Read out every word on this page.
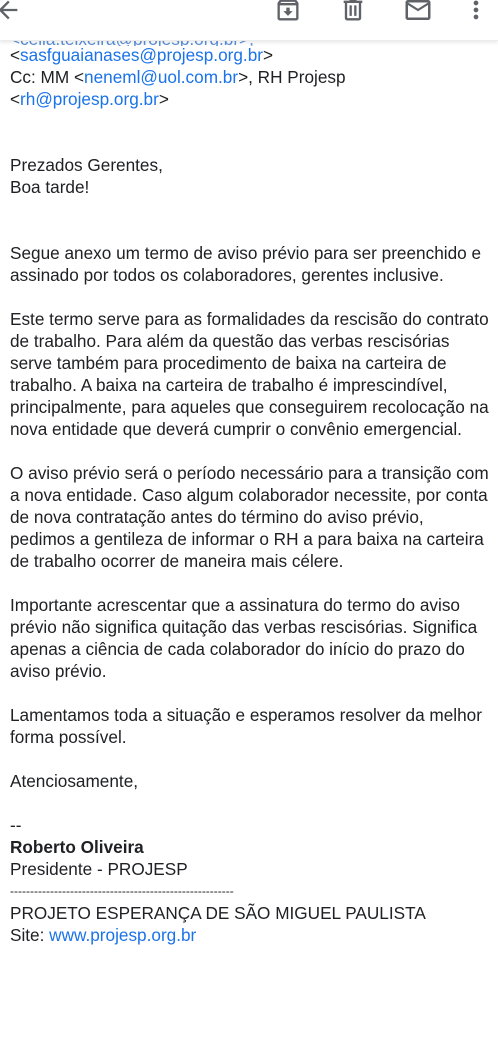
<sasfguaianases@projesp.org.br>

Cc: MM <neneml@uol.com.br>, RH Projesp

<rh@projesp.org.br>

Prezados Gerentes,

Boa tarde!

Segue anexo um termo de aviso prévio para ser preenchido e assinado por todos os colaboradores, gerentes inclusive.

Este termo serve para as formalidades da rescisão do contrato de trabalho. Para além da questão das verbas rescisórias serve também para procedimento de baixa na carteira de trabalho. A baixa na carteira de trabalho é imprescindível, principalmente, para aqueles que conseguirem recolocação na nova entidade que deverá cumprir o convênio emergencial.

O aviso prévio será o período necessário para a transição com a nova entidade. Caso algum colaborador necessite, por conta de nova contratação antes do término do aviso prévio, pedimos a gentileza de informar o RH a para baixa na carteira de trabalho ocorrer de maneira mais célere.

Importante acrescentar que a assinatura do termo do aviso prévio não significa quitação das verbas rescisórias. Significa apenas a ciência de cada colaborador do início do prazo do aviso prévio.

Lamentamos toda a situação e esperamos resolver da melhor forma possível.

Atenciosamente,

--

Roberto Oliveira

Presidente - PROJESP

--------------------------------------------------------

PROJETO ESPERANÇA DE SÃO MIGUEL PAULISTA

Site: www.projesp.org.br
